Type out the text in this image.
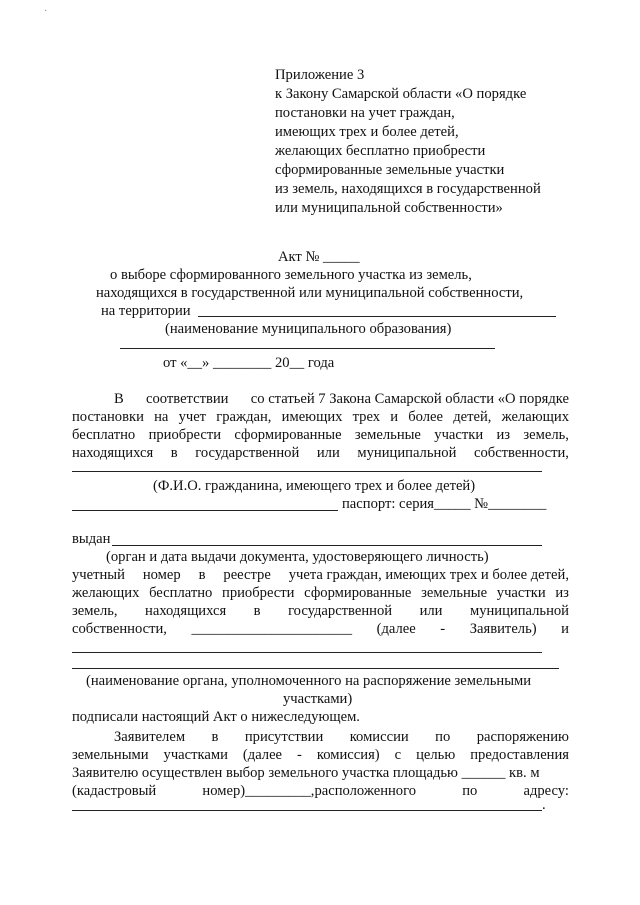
·
Приложение 3
к Закону Самарской области «О порядке
постановки на учет граждан,
имеющих трех и более детей,
желающих бесплатно приобрести
сформированные земельные участки
из земель, находящихся в государственной
или муниципальной собственности»
Акт № _____
о выборе сформированного земельного участка из земель,
находящихся в государственной или муниципальной собственности,
на территории
(наименование муниципального образования)
от «__» ________ 20__ года
В соответствии со статьей 7 Закона Самарской области «О порядке
постановки на учет граждан, имеющих трех и более детей, желающих
бесплатно приобрести сформированные земельные участки из земель,
находящихся в государственной или муниципальной собственности,
(Ф.И.О. гражданина, имеющего трех и более детей)
паспорт: серия_____ №________
выдан
(орган и дата выдачи документа, удостоверяющего личность)
учетный номер в реестре учета граждан, имеющих трех и более детей,
желающих бесплатно приобрести сформированные земельные участки из
земель, находящихся в государственной или муниципальной
собственности, ______________________ (далее - Заявитель) и
(наименование органа, уполномоченного на распоряжение земельными
участками)
подписали настоящий Акт о нижеследующем.
Заявителем в присутствии комиссии по распоряжению
земельными участками (далее - комиссия) с целью предоставления
Заявителю осуществлен выбор земельного участка площадью ______ кв. м
(кадастровый	номер)_________,расположенного	по	адресу:
.
